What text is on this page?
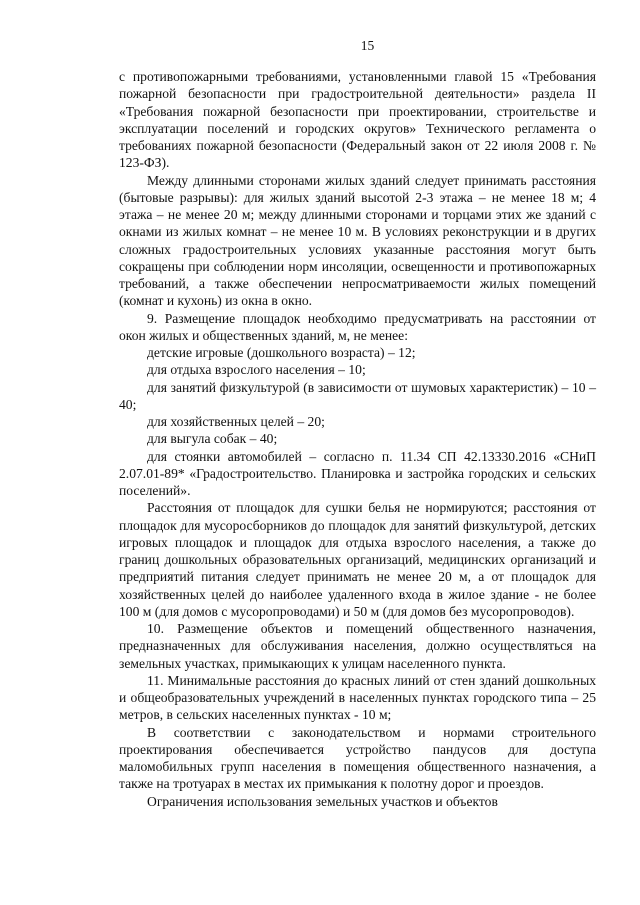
15

с противопожарными требованиями, установленными главой 15 «Требования пожарной безопасности при градостроительной деятельности» раздела II «Требования пожарной безопасности при проектировании, строительстве и эксплуатации поселений и городских округов» Технического регламента о требованиях пожарной безопасности (Федеральный закон от 22 июля 2008 г. № 123-ФЗ).

Между длинными сторонами жилых зданий следует принимать расстояния (бытовые разрывы): для жилых зданий высотой 2-3 этажа – не менее 18 м; 4 этажа – не менее 20 м; между длинными сторонами и торцами этих же зданий с окнами из жилых комнат – не менее 10 м. В условиях реконструкции и в других сложных градостроительных условиях указанные расстояния могут быть сокращены при соблюдении норм инсоляции, освещенности и противопожарных требований, а также обеспечении непросматриваемости жилых помещений (комнат и кухонь) из окна в окно.

9. Размещение площадок необходимо предусматривать на расстоянии от окон жилых и общественных зданий, м, не менее:

детские игровые (дошкольного возраста) – 12;

для отдыха взрослого населения – 10;

для занятий физкультурой (в зависимости от шумовых характеристик) – 10 – 40;

для хозяйственных целей – 20;

для выгула собак – 40;

для стоянки автомобилей – согласно п. 11.34 СП 42.13330.2016 «СНиП 2.07.01-89* «Градостроительство. Планировка и застройка городских и сельских поселений».

Расстояния от площадок для сушки белья не нормируются; расстояния от площадок для мусоросборников до площадок для занятий физкультурой, детских игровых площадок и площадок для отдыха взрослого населения, а также до границ дошкольных образовательных организаций, медицинских организаций и предприятий питания следует принимать не менее 20 м, а от площадок для хозяйственных целей до наиболее удаленного входа в жилое здание - не более 100 м (для домов с мусоропроводами) и 50 м (для домов без мусоропроводов).

10. Размещение объектов и помещений общественного назначения, предназначенных для обслуживания населения, должно осуществляться на земельных участках, примыкающих к улицам населенного пункта.

11. Минимальные расстояния до красных линий от стен зданий дошкольных и общеобразовательных учреждений в населенных пунктах городского типа – 25 метров, в сельских населенных пунктах - 10 м;

В соответствии с законодательством и нормами строительного проектирования обеспечивается устройство пандусов для доступа маломобильных групп населения в помещения общественного назначения, а также на тротуарах в местах их примыкания к полотну дорог и проездов.

Ограничения использования земельных участков и объектов
